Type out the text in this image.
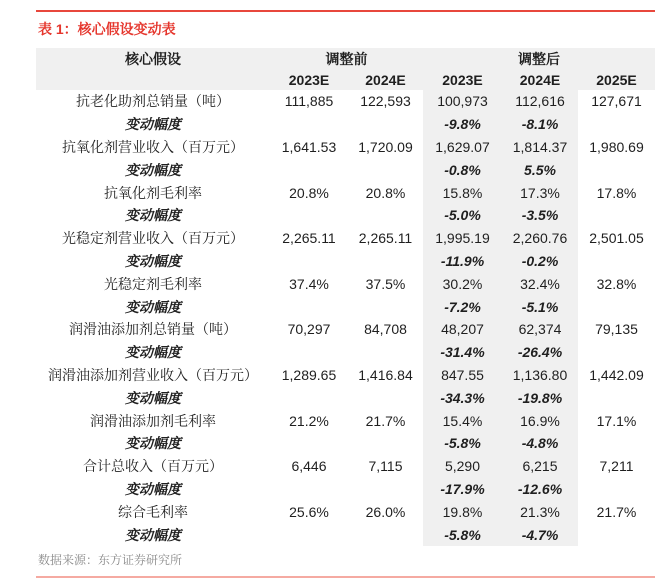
表 1：核心假设变动表
核心假设	调整前		调整后		
	2023E	2024E	2023E	2024E	2025E
抗老化助剂总销量（吨）	111,885	122,593	100,973	112,616	127,671
变动幅度			-9.8%	-8.1%	
抗氧化剂营业收入（百万元）	1,641.53	1,720.09	1,629.07	1,814.37	1,980.69
变动幅度			-0.8%	5.5%	
抗氧化剂毛利率	20.8%	20.8%	15.8%	17.3%	17.8%
变动幅度			-5.0%	-3.5%	
光稳定剂营业收入（百万元）	2,265.11	2,265.11	1,995.19	2,260.76	2,501.05
变动幅度			-11.9%	-0.2%	
光稳定剂毛利率	37.4%	37.5%	30.2%	32.4%	32.8%
变动幅度			-7.2%	-5.1%	
润滑油添加剂总销量（吨）	70,297	84,708	48,207	62,374	79,135
变动幅度			-31.4%	-26.4%	
润滑油添加剂营业收入（百万元）	1,289.65	1,416.84	847.55	1,136.80	1,442.09
变动幅度			-34.3%	-19.8%	
润滑油添加剂毛利率	21.2%	21.7%	15.4%	16.9%	17.1%
变动幅度			-5.8%	-4.8%	
合计总收入（百万元）	6,446	7,115	5,290	6,215	7,211
变动幅度			-17.9%	-12.6%	
综合毛利率	25.6%	26.0%	19.8%	21.3%	21.7%
变动幅度			-5.8%	-4.7%	
数据来源：东方证券研究所
